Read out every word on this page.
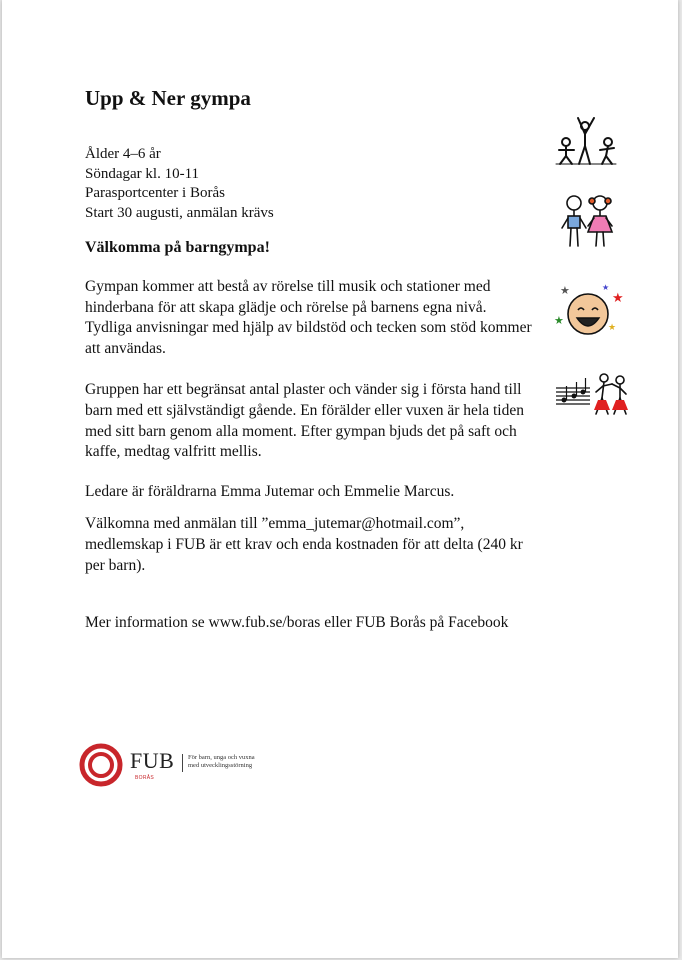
Upp & Ner gympa
Ålder 4–6 år
Söndagar kl. 10-11
Parasportcenter i Borås
Start 30 augusti, anmälan krävs
Välkomma på barngympa!

Gympan kommer att bestå av rörelse till musik och stationer med hinderbana för att skapa glädje och rörelse på barnens egna nivå. Tydliga anvisningar med hjälp av bildstöd och tecken som stöd kommer att användas.

Gruppen har ett begränsat antal plaster och vänder sig i första hand till barn med ett självständigt gående. En förälder eller vuxen är hela tiden med sitt barn genom alla moment. Efter gympan bjuds det på saft och kaffe, medtag valfritt mellis.

Ledare är föräldrarna Emma Jutemar och Emmelie Marcus.

Välkomna med anmälan till ”emma_jutemar@hotmail.com”, medlemskap i FUB är ett krav och enda kostnaden för att delta (240 kr per barn).

Mer information se www.fub.se/boras eller FUB Borås på Facebook

★
★
★
★
★
FUB
BORÅS
För barn, unga och vuxna
med utvecklingsstörning
